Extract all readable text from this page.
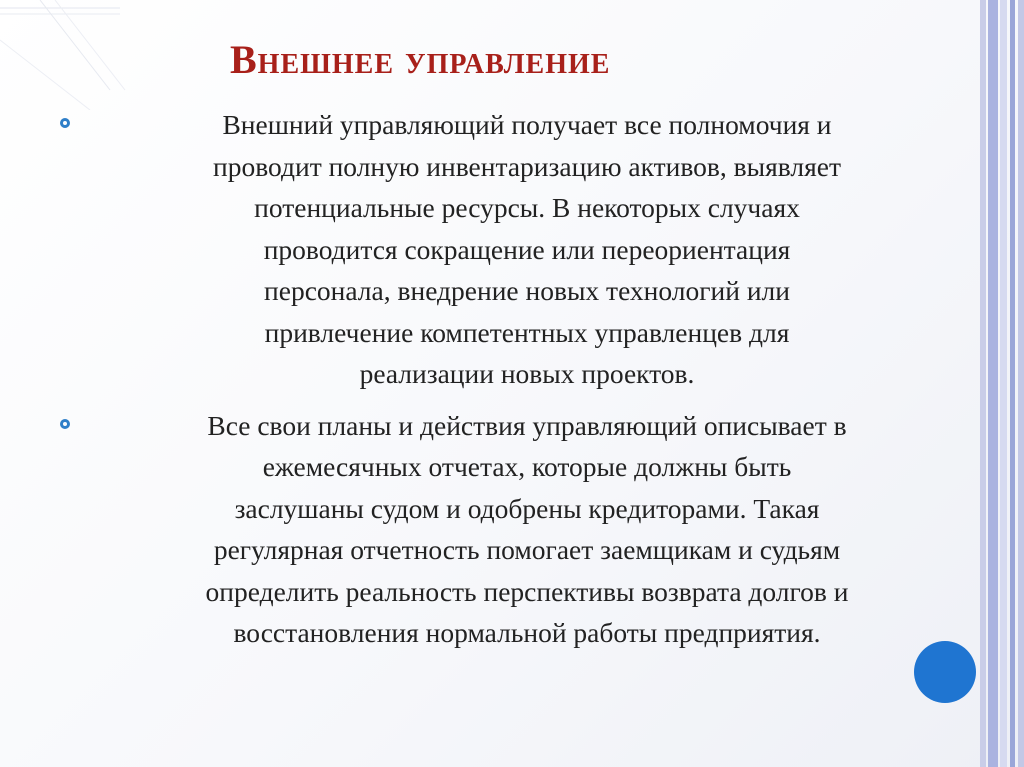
Внешнее управление

Внешний управляющий получает все полномочия и
проводит полную инвентаризацию активов, выявляет
потенциальные ресурсы. В некоторых случаях
проводится сокращение или переориентация
персонала, внедрение новых технологий или
привлечение компетентных управленцев для
реализации новых проектов.

Все свои планы и действия управляющий описывает в
ежемесячных отчетах, которые должны быть
заслушаны судом и одобрены кредиторами. Такая
регулярная отчетность помогает заемщикам и судьям
определить реальность перспективы возврата долгов и
восстановления нормальной работы предприятия.
